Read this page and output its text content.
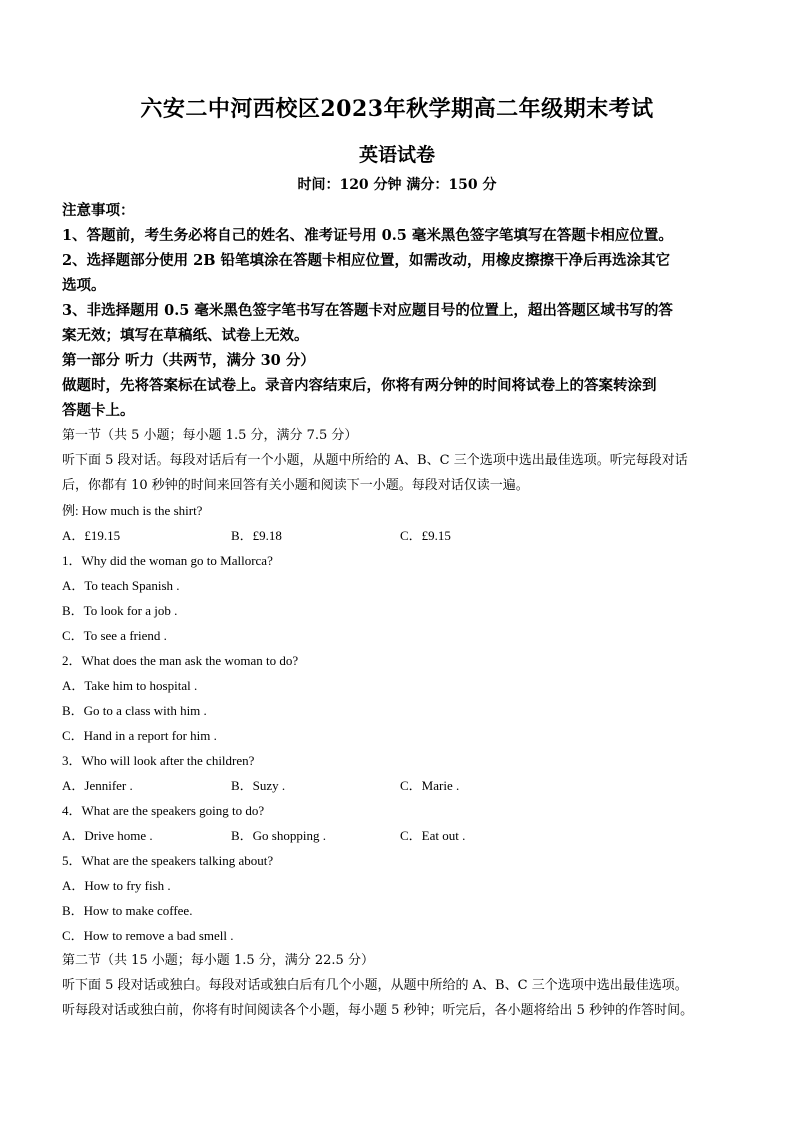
六安二中河西校区2023年秋学期高二年级期末考试
英语试卷
时间：120 分钟 满分：150 分
注意事项：
1、答题前，考生务必将自己的姓名、准考证号用 0.5 毫米黑色签字笔填写在答题卡相应位置。
2、选择题部分使用 2B 铅笔填涂在答题卡相应位置，如需改动，用橡皮擦擦干净后再选涂其它
选项。
3、非选择题用 0.5 毫米黑色签字笔书写在答题卡对应题目号的位置上，超出答题区域书写的答
案无效；填写在草稿纸、试卷上无效。
第一部分 听力（共两节，满分 30 分）
做题时，先将答案标在试卷上。录音内容结束后，你将有两分钟的时间将试卷上的答案转涂到
答题卡上。
第一节（共 5 小题；每小题 1.5 分，满分 7.5 分）
听下面 5 段对话。每段对话后有一个小题，从题中所给的 A、B、C 三个选项中选出最佳选项。听完每段对话
后，你都有 10 秒钟的时间来回答有关小题和阅读下一小题。每段对话仅读一遍。
例: How much is the shirt?
A．£19.15	B．£9.18	C．£9.15
1．Why did the woman go to Mallorca?
A．To teach Spanish .
B．To look for a job .
C．To see a friend .
2．What does the man ask the woman to do?
A．Take him to hospital .
B．Go to a class with him .
C．Hand in a report for him .
3．Who will look after the children?
A．Jennifer .	B．Suzy .	C．Marie .
4．What are the speakers going to do?
A．Drive home .	B．Go shopping .	C．Eat out .
5．What are the speakers talking about?
A．How to fry fish .
B．How to make coffee.
C．How to remove a bad smell .
第二节（共 15 小题；每小题 1.5 分，满分 22.5 分）
听下面 5 段对话或独白。每段对话或独白后有几个小题，从题中所给的 A、B、C 三个选项中选出最佳选项。
听每段对话或独白前，你将有时间阅读各个小题，每小题 5 秒钟；听完后，各小题将给出 5 秒钟的作答时间。
